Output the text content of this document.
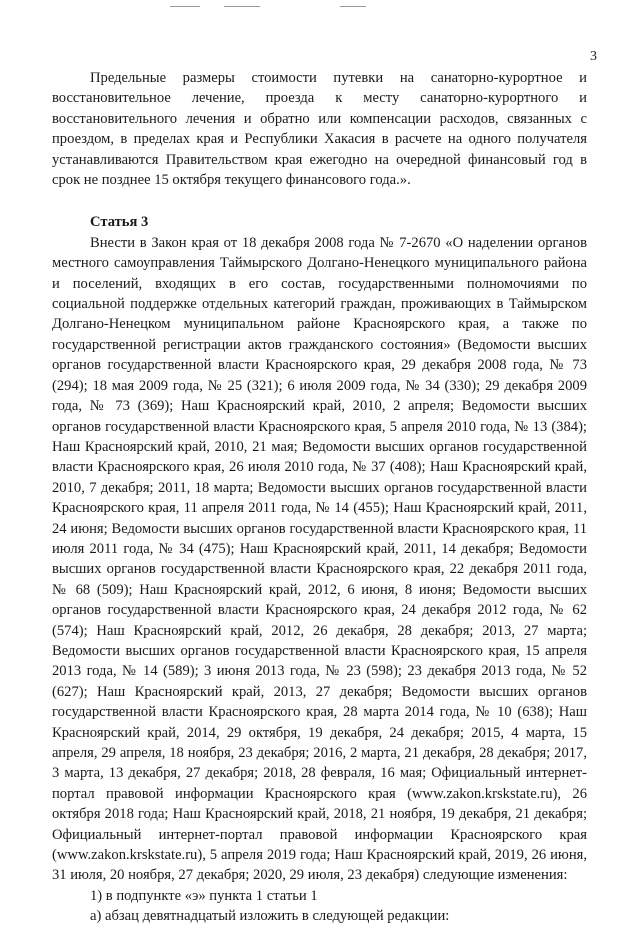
3

Предельные размеры стоимости путевки на санаторно-курортное и восстановительное лечение, проезда к месту санаторно-курортного и восстановительного лечения и обратно или компенсации расходов, связанных с проездом, в пределах края и Республики Хакасия в расчете на одного получателя устанавливаются Правительством края ежегодно на очередной финансовый год в срок не позднее 15 октября текущего финансового года.».

Статья 3

Внести в Закон края от 18 декабря 2008 года № 7-2670 «О наделении органов местного самоуправления Таймырского Долгано-Ненецкого муниципального района и поселений, входящих в его состав, государственными полномочиями по социальной поддержке отдельных категорий граждан, проживающих в Таймырском Долгано-Ненецком муниципальном районе Красноярского края, а также по государственной регистрации актов гражданского состояния» (Ведомости высших органов государственной власти Красноярского края, 29 декабря 2008 года, № 73 (294); 18 мая 2009 года, № 25 (321); 6 июля 2009 года, № 34 (330); 29 декабря 2009 года, № 73 (369); Наш Красноярский край, 2010, 2 апреля; Ведомости высших органов государственной власти Красноярского края, 5 апреля 2010 года, № 13 (384); Наш Красноярский край, 2010, 21 мая; Ведомости высших органов государственной власти Красноярского края, 26 июля 2010 года, № 37 (408); Наш Красноярский край, 2010, 7 декабря; 2011, 18 марта; Ведомости высших органов государственной власти Красноярского края, 11 апреля 2011 года, № 14 (455); Наш Красноярский край, 2011, 24 июня; Ведомости высших органов государственной власти Красноярского края, 11 июля 2011 года, № 34 (475); Наш Красноярский край, 2011, 14 декабря; Ведомости высших органов государственной власти Красноярского края, 22 декабря 2011 года, № 68 (509); Наш Красноярский край, 2012, 6 июня, 8 июня; Ведомости высших органов государственной власти Красноярского края, 24 декабря 2012 года, № 62 (574); Наш Красноярский край, 2012, 26 декабря, 28 декабря; 2013, 27 марта; Ведомости высших органов государственной власти Красноярского края, 15 апреля 2013 года, № 14 (589); 3 июня 2013 года, № 23 (598); 23 декабря 2013 года, № 52 (627); Наш Красноярский край, 2013, 27 декабря; Ведомости высших органов государственной власти Красноярского края, 28 марта 2014 года, № 10 (638); Наш Красноярский край, 2014, 29 октября, 19 декабря, 24 декабря; 2015, 4 марта, 15 апреля, 29 апреля, 18 ноября, 23 декабря; 2016, 2 марта, 21 декабря, 28 декабря; 2017, 3 марта, 13 декабря, 27 декабря; 2018, 28 февраля, 16 мая; Официальный интернет-портал правовой информации Красноярского края (www.zakon.krskstate.ru), 26 октября 2018 года; Наш Красноярский край, 2018, 21 ноября, 19 декабря, 21 декабря; Официальный интернет-портал правовой информации Красноярского края (www.zakon.krskstate.ru), 5 апреля 2019 года; Наш Красноярский край, 2019, 26 июня, 31 июля, 20 ноября, 27 декабря; 2020, 29 июля, 23 декабря) следующие изменения:

1) в подпункте «э» пункта 1 статьи 1

а) абзац девятнадцатый изложить в следующей редакции:
